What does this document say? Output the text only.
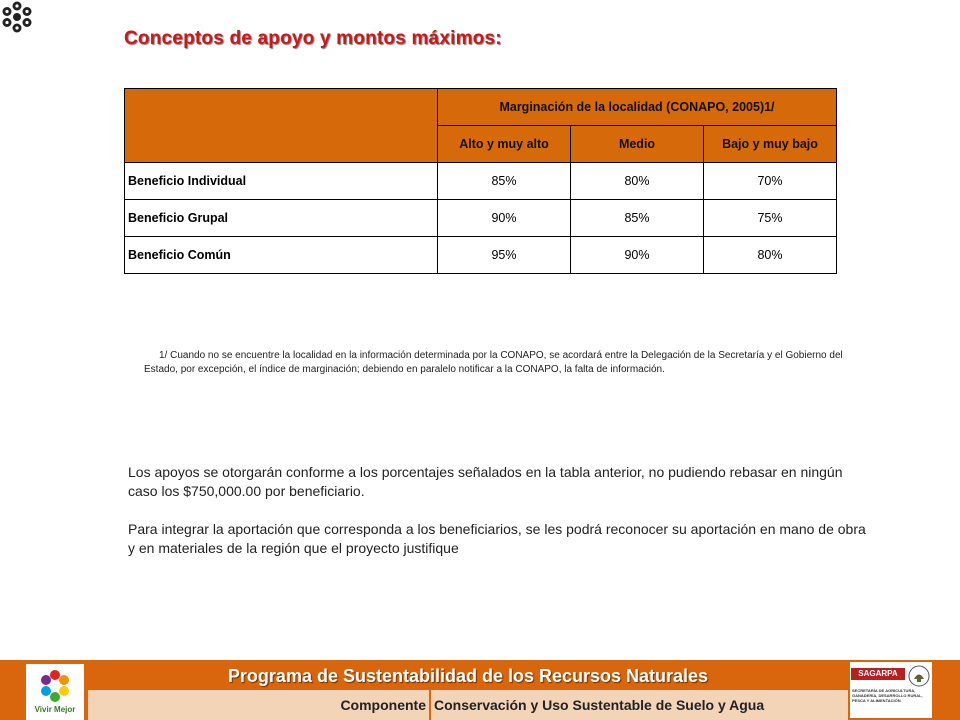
Conceptos de apoyo y montos máximos:
	Marginación de la localidad (CONAPO, 2005)1/		
	Alto y muy alto	Medio	Bajo y muy bajo
Beneficio Individual	85%	80%	70%
Beneficio Grupal	90%	85%	75%
Beneficio Común	95%	90%	80%

1/ Cuando no se encuentre la localidad en la información determinada por la CONAPO, se acordará entre la Delegación de la Secretaría y el Gobierno del Estado, por excepción, el índice de marginación; debiendo en paralelo notificar a la CONAPO, la falta de información.

Los apoyos se otorgarán conforme a los porcentajes señalados en la tabla anterior, no pudiendo rebasar en ningún caso los $750,000.00 por beneficiario.

Para integrar la aportación que corresponda a los beneficiarios, se les podrá reconocer su aportación en mano de obra y en materiales de la región que el proyecto justifique

Vivir Mejor
Programa de Sustentabilidad de los Recursos Naturales
Componente Conservación y Uso Sustentable de Suelo y Agua
SAGARPA
SECRETARÍA DE AGRICULTURA, GANADERÍA, DESARROLLO RURAL, PESCA Y ALIMENTACIÓN
